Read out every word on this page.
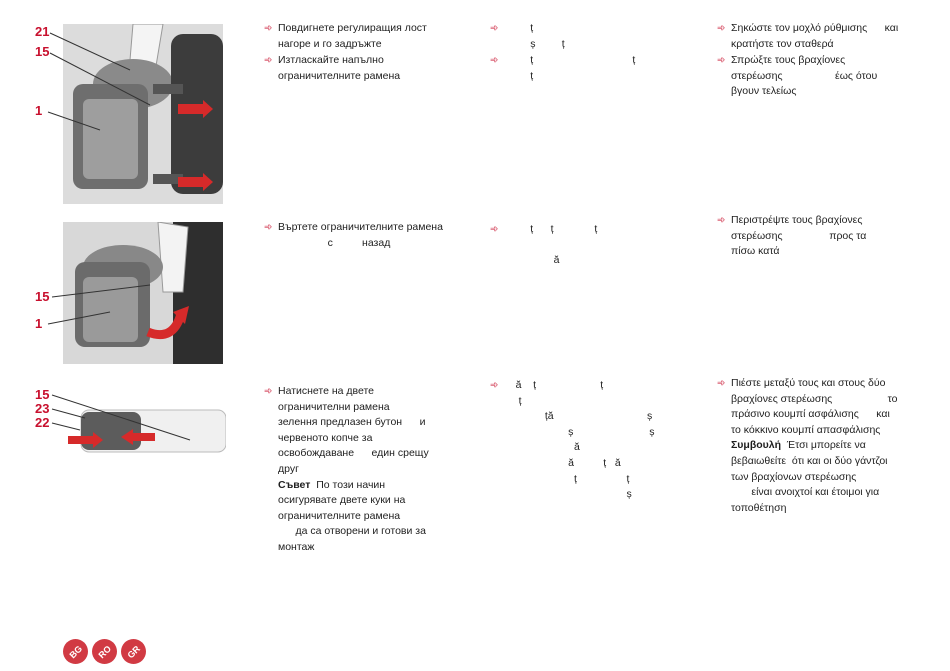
21
15
1
15
1
15
23
22
➾ Повдигнете регулиращия лост
нагоре и го задръжте
➾ Изтласкайте напълно
ограничителните рамена
➾ Въртете ограничителните рамена
с          назад
➾ Натиснете на двете
ограничителни рамена
зелення предлазен бутон      и
червеното копче за
освобождаване      един срещу
друг
Съвет  По този начин
осигурявате двете куки на
ограничителните рамена
да са отворени и готови за
монтаж
➾ ț
ș         ț
➾ ț                                  ț
ț
➾ ț      ț              ț
ă
➾ ă    ț                      ț
ț
ță                                ș
ș                          ș
ă
ă          ț   ă
ț                 ț
ș
➾ Σηκώστε τον μοχλό ρύθμισης      και
κρατήστε τον σταθερά
➾ Σπρώξτε τους βραχίονες
στερέωσης                  έως ότου
βγουν τελείως
➾ Περιστρέψτε τους βραχίονες
στερέωσης                προς τα
πίσω κατά
➾ Πιέστε μεταξύ τους και στους δύο
βραχίονες στερέωσης                   το
πράσινο κουμπί ασφάλισης      και
το κόκκινο κουμπί απασφάλισης
Συμβουλή  Έτσι μπορείτε να
βεβαιωθείτε  ότι και οι δύο γάντζοι
των βραχίονων στερέωσης
είναι ανοιχτοί και έτοιμοι για
τοποθέτηση
BG RO GR
